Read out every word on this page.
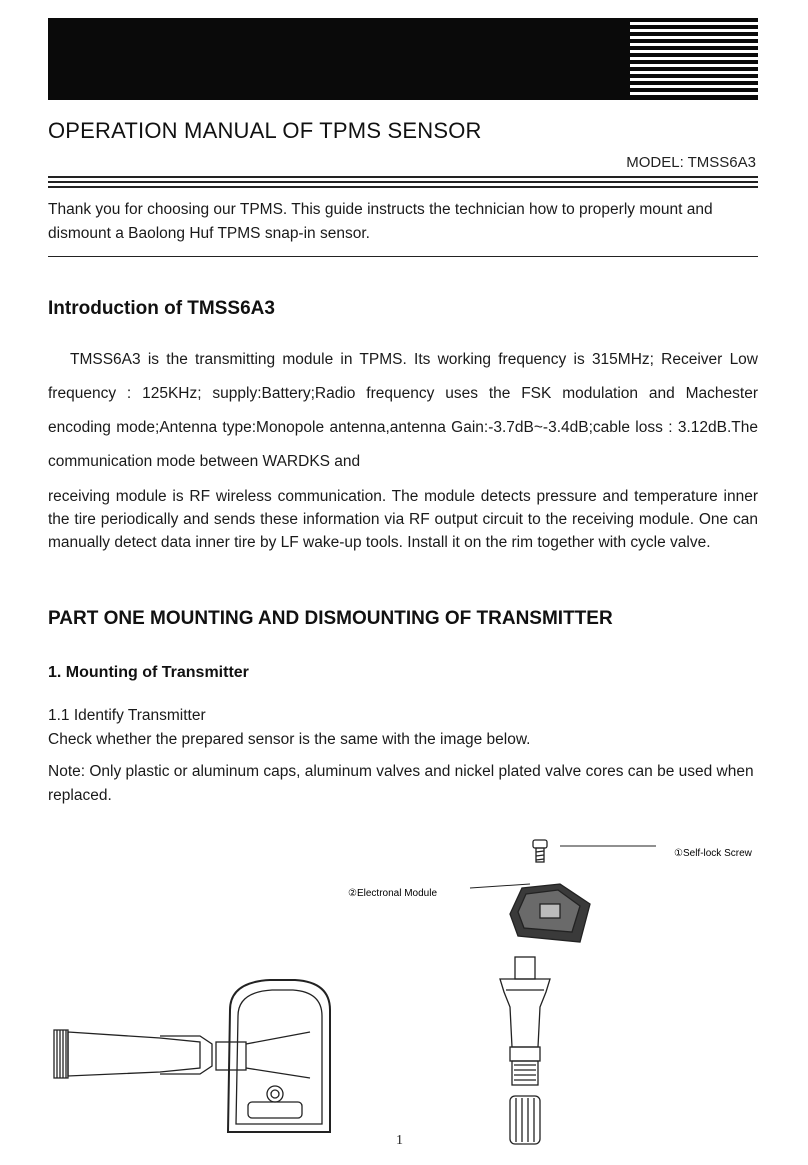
OPERATION MANUAL OF TPMS SENSOR
MODEL: TMSS6A3
Thank you for choosing our TPMS. This guide instructs the technician how to properly mount and dismount a Baolong Huf TPMS snap-in sensor.
Introduction of TMSS6A3
TMSS6A3 is the transmitting module in TPMS. Its working frequency is 315MHz; Receiver Low frequency : 125KHz; supply:Battery;Radio frequency uses the FSK modulation and Machester encoding mode;Antenna type:Monopole antenna,antenna Gain:-3.7dB~-3.4dB;cable loss : 3.12dB.The communication mode between WARDKS and
receiving module is RF wireless communication. The module detects pressure and temperature inner the tire periodically and sends these information via RF output circuit to the receiving module. One can manually detect data inner tire by LF wake-up tools. Install it on the rim together with cycle valve.
PART ONE MOUNTING AND DISMOUNTING OF TRANSMITTER
1. Mounting of Transmitter
1.1 Identify Transmitter
Check whether the prepared sensor is the same with the image below.
Note: Only plastic or aluminum caps, aluminum valves and nickel plated valve cores can be used when replaced.
①Self-lock Screw
②Electronal Module
1
